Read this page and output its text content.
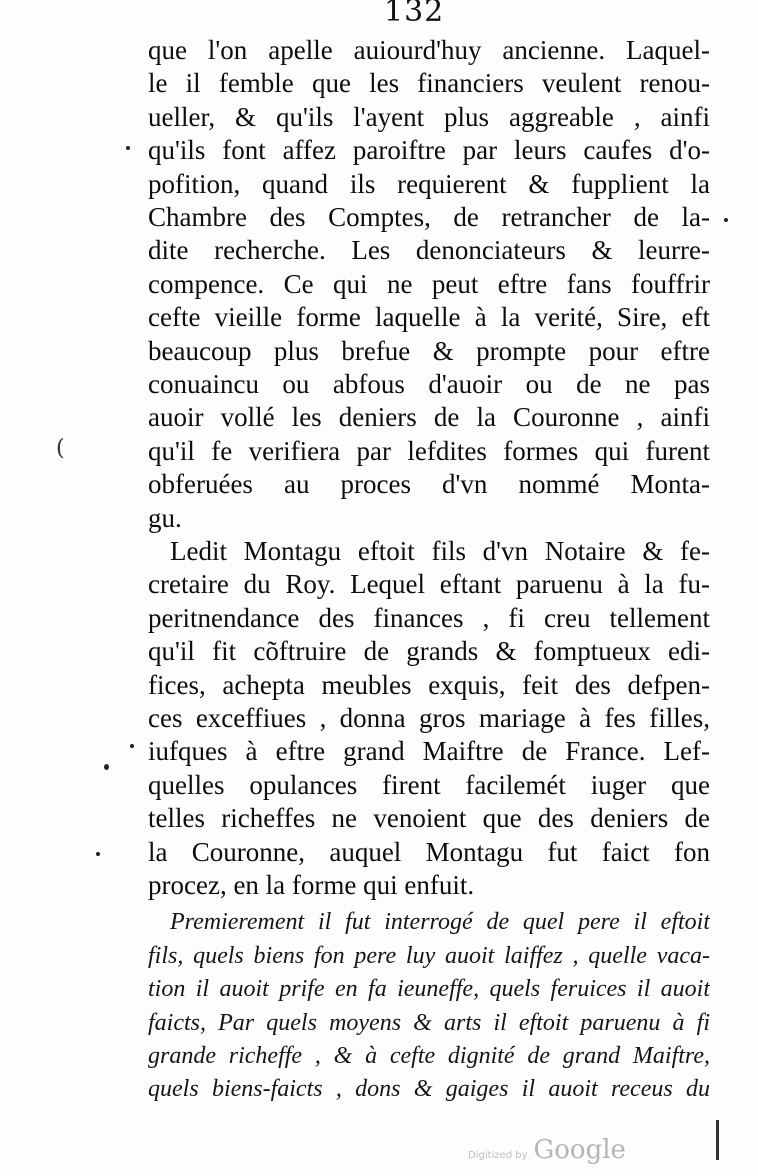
132
que l'on apelle auiourd'huy ancienne. Laquel-
le il femble que les financiers veulent renou-
ueller, & qu'ils l'ayent plus aggreable , ainfi
qu'ils font affez paroiftre par leurs caufes d'o-
pofition, quand ils requierent & fupplient la
Chambre des Comptes, de retrancher de la-
dite recherche. Les denonciateurs & leurre-
compence. Ce qui ne peut eftre fans fouffrir
cefte vieille forme laquelle à la verité, Sire, eft
beaucoup plus brefue & prompte pour eftre
conuaincu ou abfous d'auoir ou de ne pas
auoir vollé les deniers de la Couronne , ainfi
qu'il fe verifiera par lefdites formes qui furent
obferuées au proces d'vn nommé Monta-
gu.
Ledit Montagu eftoit fils d'vn Notaire & fe-
cretaire du Roy. Lequel eftant paruenu à la fu-
peritnendance des finances , fi creu tellement
qu'il fit cõftruire de grands & fomptueux edi-
fices, achepta meubles exquis, feit des defpen-
ces exceffiues , donna gros mariage à fes filles,
iufques à eftre grand Maiftre de France. Lef-
quelles opulances firent facilemét iuger que
telles richeffes ne venoient que des deniers de
la Couronne, auquel Montagu fut faict fon
procez, en la forme qui enfuit.
Premierement il fut interrogé de quel pere il eftoit
fils, quels biens fon pere luy auoit laiffez , quelle vaca-
tion il auoit prife en fa ieuneffe, quels feruices il auoit
faicts, Par quels moyens & arts il eftoit paruenu à fi
grande richeffe , & à cefte dignité de grand Maiftre,
quels biens-faicts , dons & gaiges il auoit receus du
(
Digitized by Google
